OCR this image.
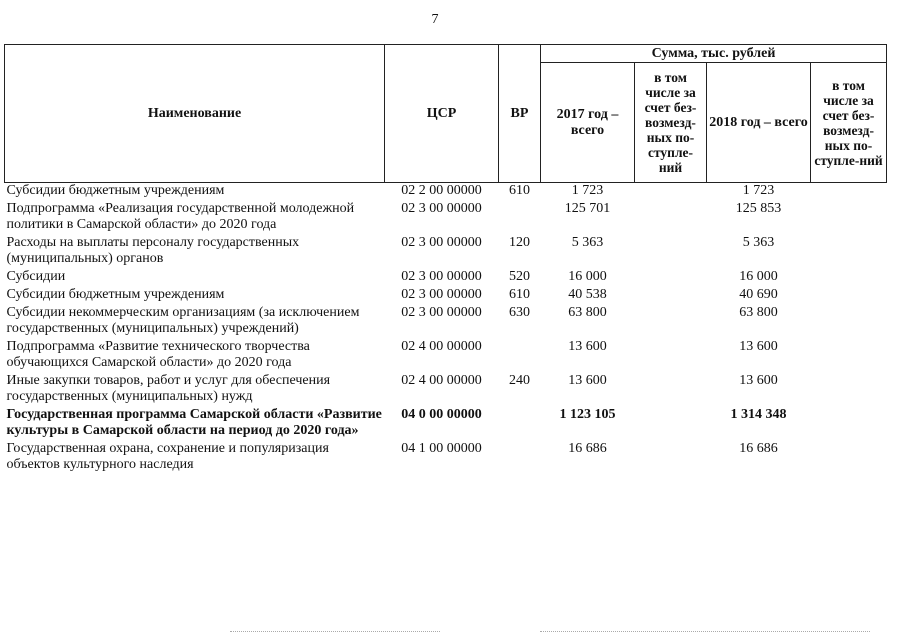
7
Наименование	ЦСР	ВР	Сумма, тыс. рублей			
			2017 год – всего	в том числе за счет без-возмезд-ных по-ступле-ний	2018 год – всего	в том числе за счет без-возмезд-ных по-ступле-ний
Субсидии бюджетным учреждениям	02 2 00 00000	610	1 723		1 723	
Подпрограмма «Реализация государственной молодежной политики в Самарской области» до 2020 года	02 3 00 00000		125 701		125 853	
Расходы на выплаты персоналу государственных (муниципальных) органов	02 3 00 00000	120	5 363		5 363	
Субсидии	02 3 00 00000	520	16 000		16 000	
Субсидии бюджетным учреждениям	02 3 00 00000	610	40 538		40 690	
Субсидии некоммерческим организациям (за исключением государственных (муниципальных) учреждений)	02 3 00 00000	630	63 800		63 800	
Подпрограмма «Развитие технического творчества обучающихся Самарской области» до 2020 года	02 4 00 00000		13 600		13 600	
Иные закупки товаров, работ и услуг для обеспечения государственных (муниципальных) нужд	02 4 00 00000	240	13 600		13 600	
Государственная программа Самарской области «Развитие культуры в Самарской области на период до 2020 года»	04 0 00 00000		1 123 105		1 314 348	
Государственная охрана, сохранение и популяризация объектов культурного наследия	04 1 00 00000		16 686		16 686	
